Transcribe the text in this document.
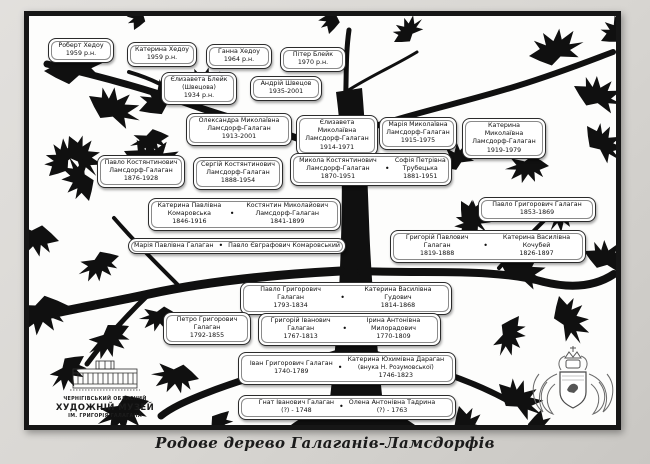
Роберт Хедоу
1959 р.н.
Катерина Хедоу
1959 р.н.
Ганна Хедоу
1964 р.н.
Пітер Блейк
1970 р.н.
Єлизавета Блейк
(Швецова)
1934 р.н.
Андрій Швецов
1935-2001
Олександра Миколаївна Ламсдорф-Галаган
1913-2001
Єлизавета Миколаївна Ламсдорф-Галаган
1914-1971
Марія Миколаївна Ламсдорф-Галаган
1915-1975
Катерина Миколаївна Ламсдорф-Галаган
1919-1979
Павло Костянтинович Ламсдорф-Галаган
1876-1928
Сергій Костянтинович Ламсдорф-Галаган
1888-1954
Микола Костянтинович Ламсдорф-Галаган
1870-1951
•
Софія Петрівна Трубецька
1881-1951
Катерина Павлівна Комаровська
1846-1916
•
Костянтин Миколайович Ламсдорф-Галаган
1841-1899
Павло Григорович Галаган
1853-1869
Марія Павлівна Галаган • Павло Євграфович Комаровський
Григорій Павлович Галаган
1819-1888
•
Катерина Василівна Кочубей
1826-1897
Павло Григорович Галаган
1793-1834
•
Катерина Василівна Гудович
1814-1868
Петро Григорович Галаган
1792-1855
Григорій Іванович Галаган
1767-1813
•
Ірина Антонівна Милорадович
1770-1809
Іван Григорович Галаган
1740-1789	•
Катерина Юхимівна Дараган
(внука Н. Розумовської)
1746-1823
Гнат Іванович Галаган
(?) - 1748	• Олена Антонівна Тадрина
(?) - 1763
ЧЕРНІГІВСЬКИЙ ОБЛАСНИЙ
ХУДОЖНІЙ МУЗЕЙ
ІМ. ГРИГОРІЯ ГАЛАГАНА
Родове дерево Галаганів-Ламсдорфів
